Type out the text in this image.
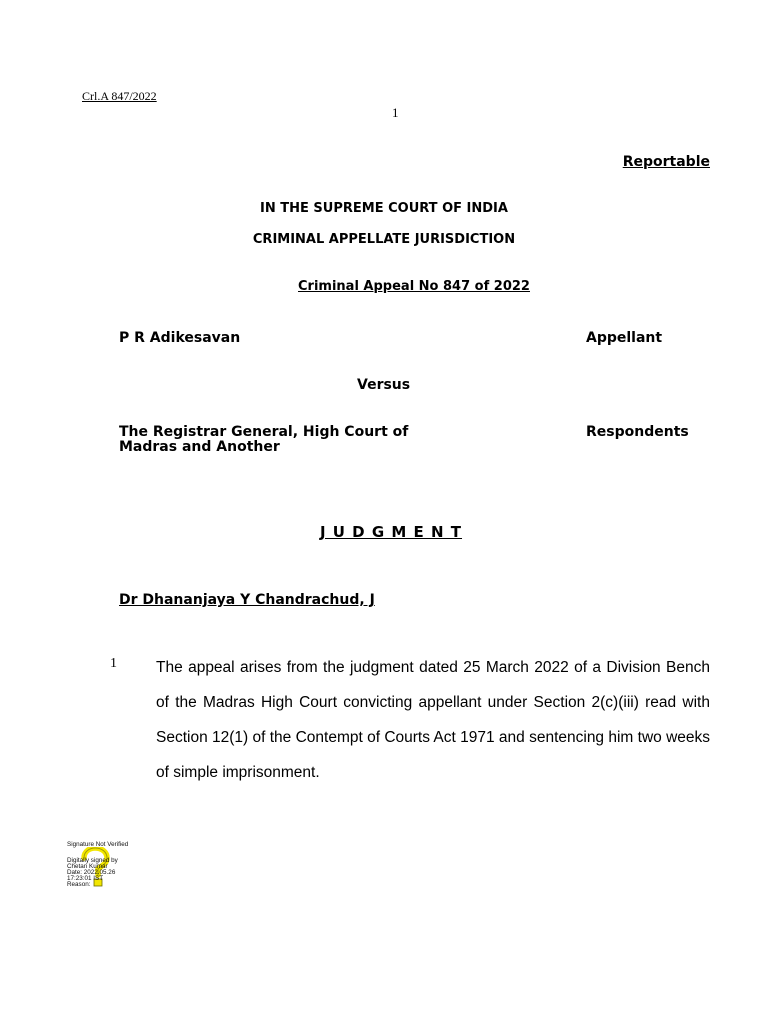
Crl.A 847/2022
1
Reportable
IN THE SUPREME COURT OF INDIA
CRIMINAL APPELLATE JURISDICTION
Criminal Appeal No 847 of 2022
P R Adikesavan	Appellant
Versus
The Registrar General, High Court of
Madras and Another
Respondents
J U D G M E N T
Dr Dhananjaya Y Chandrachud, J
1	The appeal arises from the judgment dated 25 March 2022 of a Division Bench of the Madras High Court convicting appellant under Section 2(c)(iii) read with Section 12(1) of the Contempt of Courts Act 1971 and sentencing him two weeks of simple imprisonment.
Signature Not Verified
Digitally signed by
Chetan Kumar
Date: 2022.05.26
17:23:01 IST
Reason:
